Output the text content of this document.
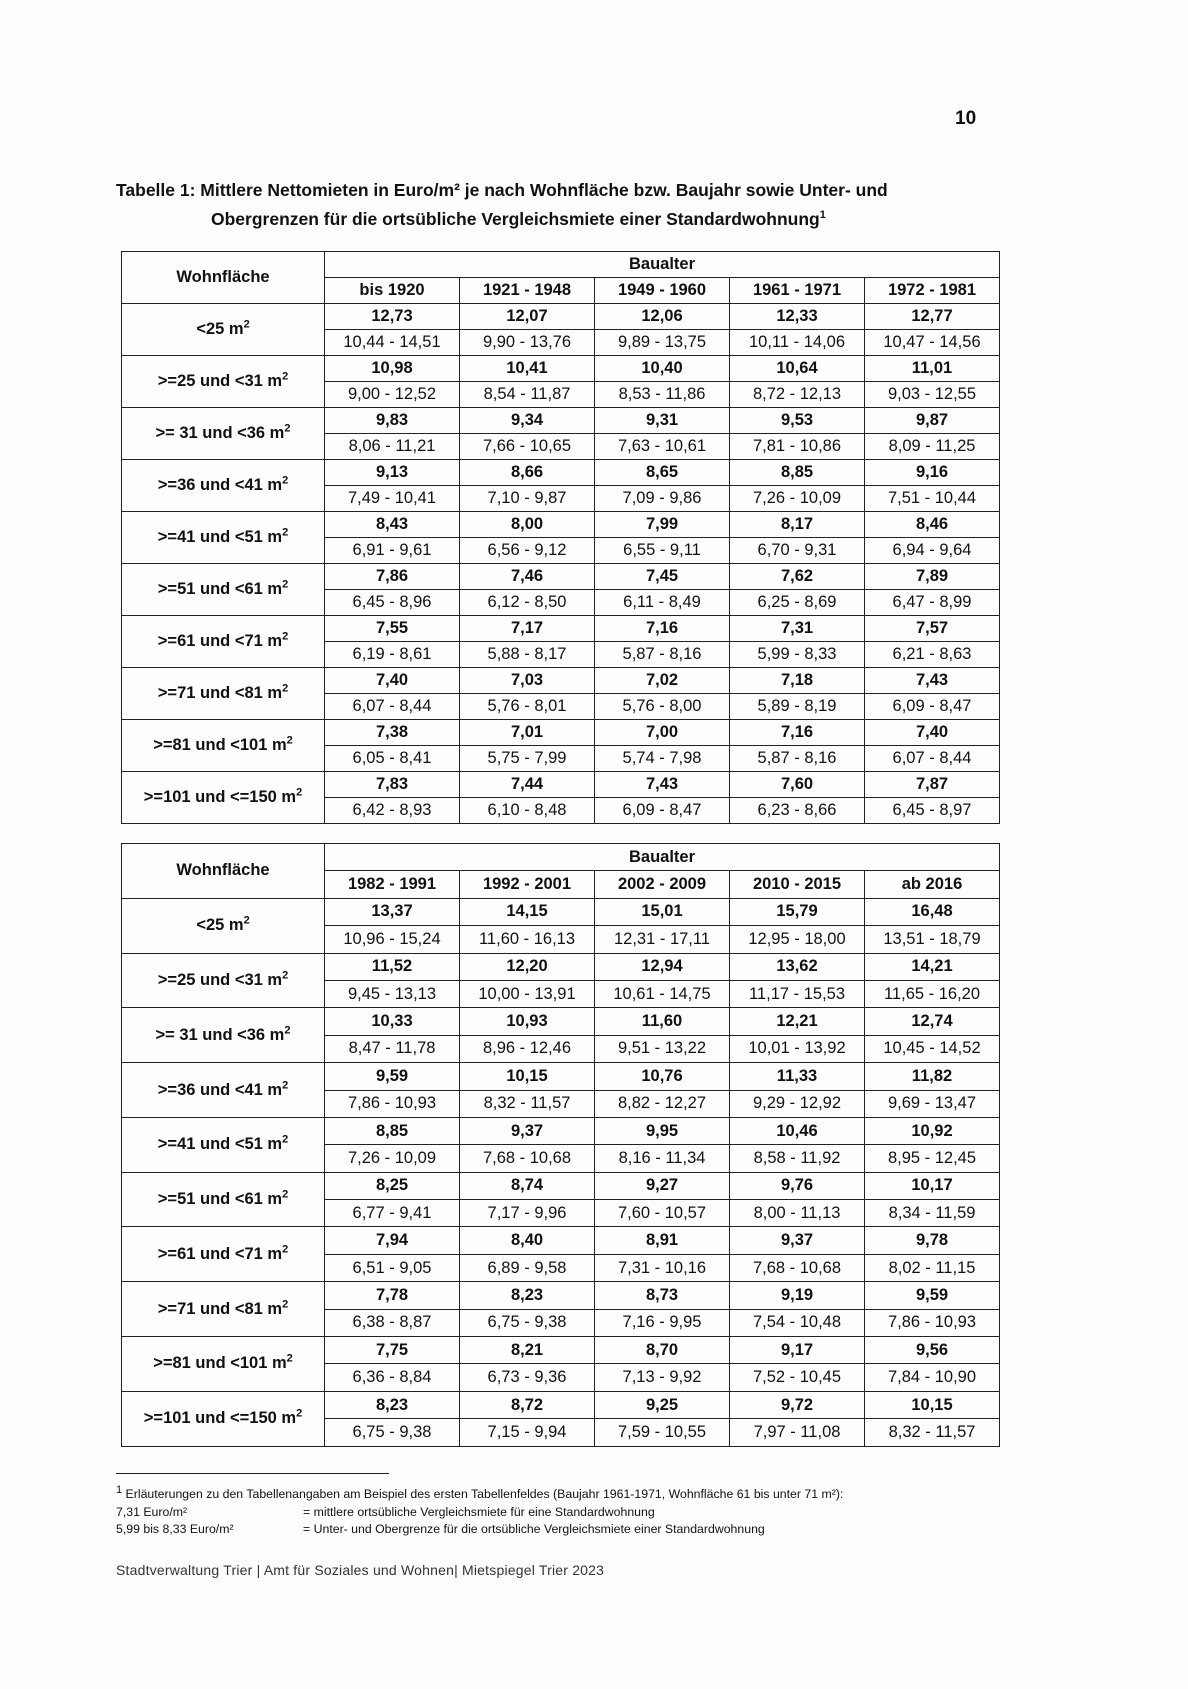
10
Tabelle 1: Mittlere Nettomieten in Euro/m² je nach Wohnfläche bzw. Baujahr sowie Unter- und
Obergrenzen für die ortsübliche Vergleichsmiete einer Standardwohnung$^1$
Wohnfläche	Baualter				
	bis 1920	1921 - 1948	1949 - 1960	1961 - 1971	1972 - 1981
<25 $m^2$	12,73	12,07	12,06	12,33	12,77
	10,44 - 14,51	9,90 - 13,76	9,89 - 13,75	10,11 - 14,06	10,47 - 14,56
>=25 und <31 $m^2$	10,98	10,41	10,40	10,64	11,01
	9,00 - 12,52	8,54 - 11,87	8,53 - 11,86	8,72 - 12,13	9,03 - 12,55
>= 31 und <36 $m^2$	9,83	9,34	9,31	9,53	9,87
	8,06 - 11,21	7,66 - 10,65	7,63 - 10,61	7,81 - 10,86	8,09 - 11,25
>=36 und <41 $m^2$	9,13	8,66	8,65	8,85	9,16
	7,49 - 10,41	7,10 - 9,87	7,09 - 9,86	7,26 - 10,09	7,51 - 10,44
>=41 und <51 $m^2$	8,43	8,00	7,99	8,17	8,46
	6,91 - 9,61	6,56 - 9,12	6,55 - 9,11	6,70 - 9,31	6,94 - 9,64
>=51 und <61 $m^2$	7,86	7,46	7,45	7,62	7,89
	6,45 - 8,96	6,12 - 8,50	6,11 - 8,49	6,25 - 8,69	6,47 - 8,99
>=61 und <71 $m^2$	7,55	7,17	7,16	7,31	7,57
	6,19 - 8,61	5,88 - 8,17	5,87 - 8,16	5,99 - 8,33	6,21 - 8,63
>=71 und <81 $m^2$	7,40	7,03	7,02	7,18	7,43
	6,07 - 8,44	5,76 - 8,01	5,76 - 8,00	5,89 - 8,19	6,09 - 8,47
>=81 und <101 $m^2$	7,38	7,01	7,00	7,16	7,40
	6,05 - 8,41	5,75 - 7,99	5,74 - 7,98	5,87 - 8,16	6,07 - 8,44
>=101 und <=150 $m^2$	7,83	7,44	7,43	7,60	7,87
	6,42 - 8,93	6,10 - 8,48	6,09 - 8,47	6,23 - 8,66	6,45 - 8,97
Wohnfläche	Baualter				
	1982 - 1991	1992 - 2001	2002 - 2009	2010 - 2015	ab 2016
<25 $m^2$	13,37	14,15	15,01	15,79	16,48
	10,96 - 15,24	11,60 - 16,13	12,31 - 17,11	12,95 - 18,00	13,51 - 18,79
>=25 und <31 $m^2$	11,52	12,20	12,94	13,62	14,21
	9,45 - 13,13	10,00 - 13,91	10,61 - 14,75	11,17 - 15,53	11,65 - 16,20
>= 31 und <36 $m^2$	10,33	10,93	11,60	12,21	12,74
	8,47 - 11,78	8,96 - 12,46	9,51 - 13,22	10,01 - 13,92	10,45 - 14,52
>=36 und <41 $m^2$	9,59	10,15	10,76	11,33	11,82
	7,86 - 10,93	8,32 - 11,57	8,82 - 12,27	9,29 - 12,92	9,69 - 13,47
>=41 und <51 $m^2$	8,85	9,37	9,95	10,46	10,92
	7,26 - 10,09	7,68 - 10,68	8,16 - 11,34	8,58 - 11,92	8,95 - 12,45
>=51 und <61 $m^2$	8,25	8,74	9,27	9,76	10,17
	6,77 - 9,41	7,17 - 9,96	7,60 - 10,57	8,00 - 11,13	8,34 - 11,59
>=61 und <71 $m^2$	7,94	8,40	8,91	9,37	9,78
	6,51 - 9,05	6,89 - 9,58	7,31 - 10,16	7,68 - 10,68	8,02 - 11,15
>=71 und <81 $m^2$	7,78	8,23	8,73	9,19	9,59
	6,38 - 8,87	6,75 - 9,38	7,16 - 9,95	7,54 - 10,48	7,86 - 10,93
>=81 und <101 $m^2$	7,75	8,21	8,70	9,17	9,56
	6,36 - 8,84	6,73 - 9,36	7,13 - 9,92	7,52 - 10,45	7,84 - 10,90
>=101 und <=150 $m^2$	8,23	8,72	9,25	9,72	10,15
	6,75 - 9,38	7,15 - 9,94	7,59 - 10,55	7,97 - 11,08	8,32 - 11,57
$^1$ Erläuterungen zu den Tabellenangaben am Beispiel des ersten Tabellenfeldes (Baujahr 1961-1971, Wohnfläche 61 bis unter 71 m²):
7,31 Euro/m²	= mittlere ortsübliche Vergleichsmiete für eine Standardwohnung
5,99 bis 8,33 Euro/m²	= Unter- und Obergrenze für die ortsübliche Vergleichsmiete einer Standardwohnung
Stadtverwaltung Trier | Amt für Soziales und Wohnen| Mietspiegel Trier 2023
